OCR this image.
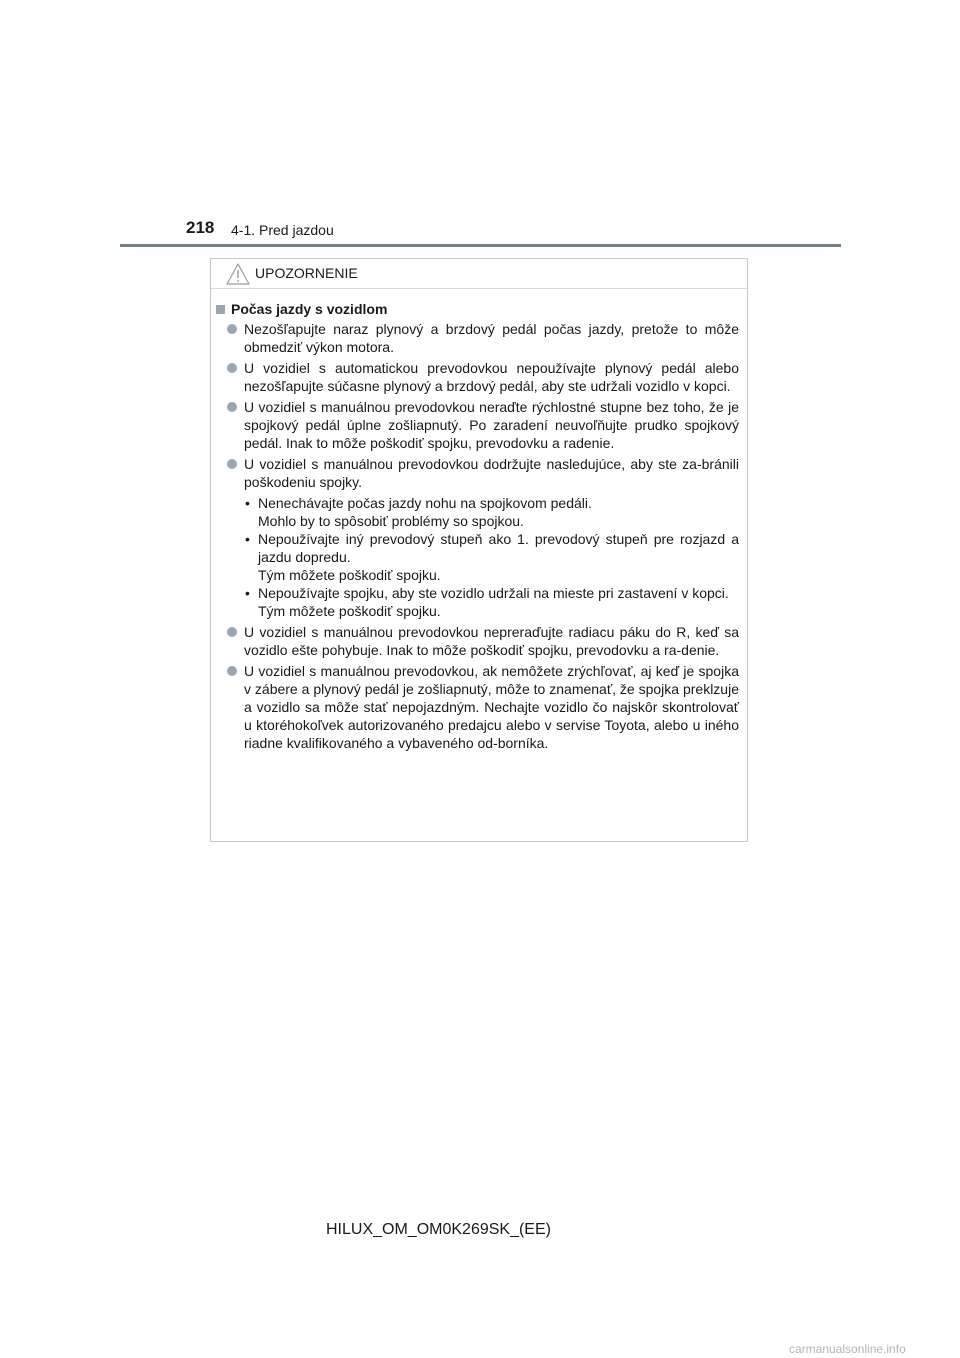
218 4-1. Pred jazdou
UPOZORNENIE
Počas jazdy s vozidlom
Nezošľapujte naraz plynový a brzdový pedál počas jazdy, pretože to môže obmedziť výkon motora.
U vozidiel s automatickou prevodovkou nepoužívajte plynový pedál alebo nezošľapujte súčasne plynový a brzdový pedál, aby ste udržali vozidlo v kopci.
U vozidiel s manuálnou prevodovkou neraďte rýchlostné stupne bez toho, že je spojkový pedál úplne zošliapnutý. Po zaradení neuvoľňujte prudko spojkový pedál. Inak to môže poškodiť spojku, prevodovku a radenie.
U vozidiel s manuálnou prevodovkou dodržujte nasledujúce, aby ste za-bránili poškodeniu spojky.
• Nenechávajte počas jazdy nohu na spojkovom pedáli.
Mohlo by to spôsobiť problémy so spojkou.
• Nepoužívajte iný prevodový stupeň ako 1. prevodový stupeň pre rozjazd a jazdu dopredu.
Tým môžete poškodiť spojku.
• Nepoužívajte spojku, aby ste vozidlo udržali na mieste pri zastavení v kopci.
Tým môžete poškodiť spojku.
U vozidiel s manuálnou prevodovkou nepreraďujte radiacu páku do R, keď sa vozidlo ešte pohybuje. Inak to môže poškodiť spojku, prevodovku a ra-denie.
U vozidiel s manuálnou prevodovkou, ak nemôžete zrýchľovať, aj keď je spojka v zábere a plynový pedál je zošliapnutý, môže to znamenať, že spojka preklzuje a vozidlo sa môže stať nepojazdným. Nechajte vozidlo čo najskôr skontrolovať u ktoréhokoľvek autorizovaného predajcu alebo v servise Toyota, alebo u iného riadne kvalifikovaného a vybaveného od-borníka.
HILUX_OM_OM0K269SK_(EE)
carmanualsonline.info
